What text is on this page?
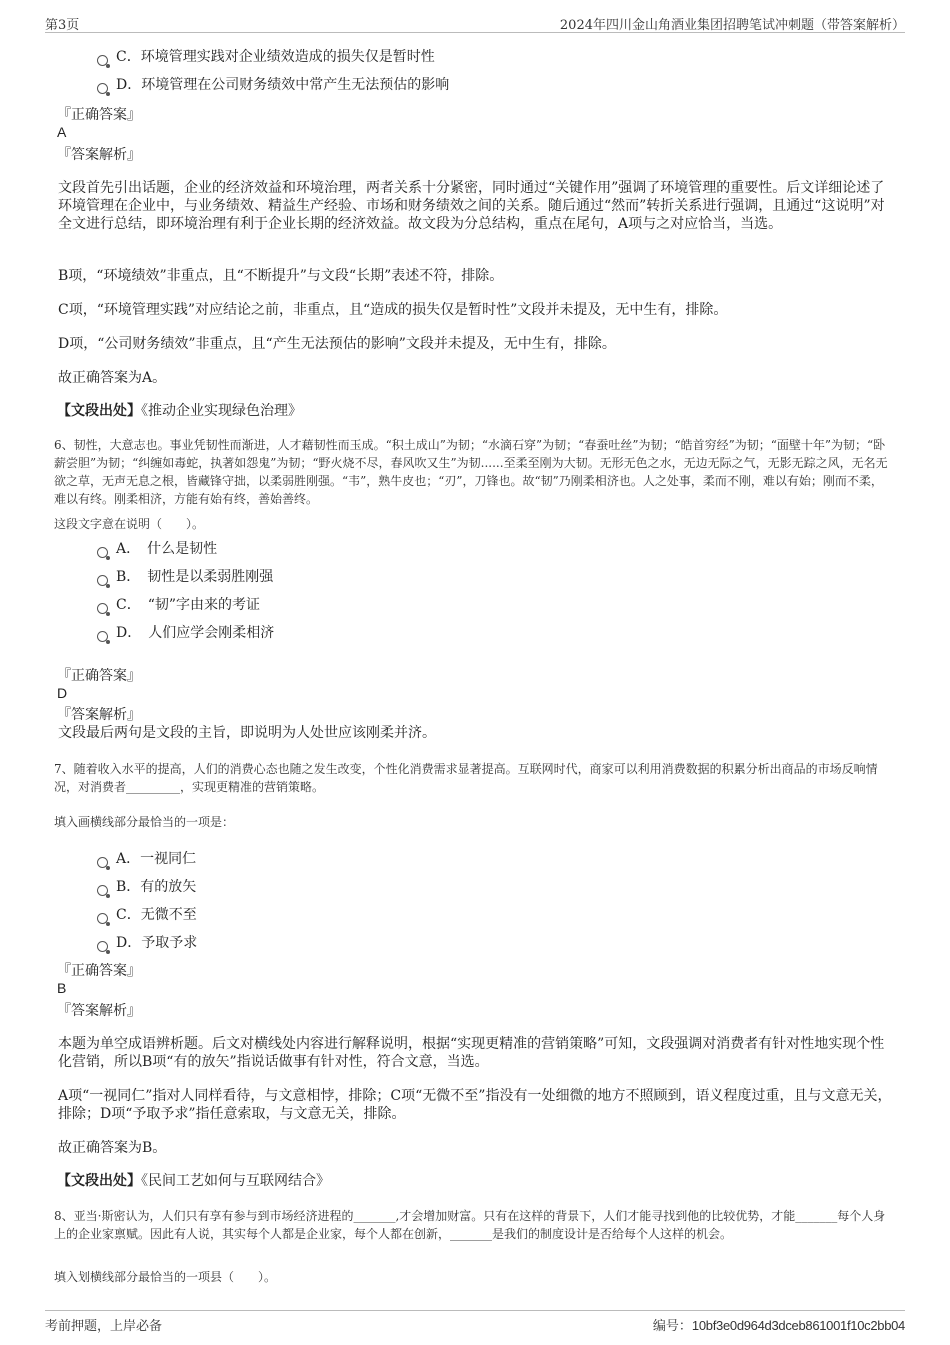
第3页	2024年四川金山角酒业集团招聘笔试冲刺题（带答案解析）
C．环境管理实践对企业绩效造成的损失仅是暂时性
D．环境管理在公司财务绩效中常产生无法预估的影响
『正确答案』
A
『答案解析』
文段首先引出话题，企业的经济效益和环境治理，两者关系十分紧密，同时通过“关键作用”强调了环境管理的重要性。后文详细论述了环境管理在企业中，与业务绩效、精益生产经验、市场和财务绩效之间的关系。随后通过“然而”转折关系进行强调，且通过“这说明”对全文进行总结，即环境治理有利于企业长期的经济效益。故文段为分总结构，重点在尾句，A项与之对应恰当，当选。
B项，“环境绩效”非重点，且“不断提升”与文段“长期”表述不符，排除。
C项，“环境管理实践”对应结论之前，非重点，且“造成的损失仅是暂时性”文段并未提及，无中生有，排除。
D项，“公司财务绩效”非重点，且“产生无法预估的影响”文段并未提及，无中生有，排除。
故正确答案为A。
【文段出处】《推动企业实现绿色治理》
6、韧性，大意志也。事业凭韧性而渐进，人才藉韧性而玉成。“积土成山”为韧；“水滴石穿”为韧；“春蚕吐丝”为韧；“皓首穷经”为韧；“面壁十年”为韧；“卧薪尝胆”为韧；“纠缠如毒蛇，执著如怨鬼”为韧；“野火烧不尽，春风吹又生”为韧......至柔至刚为大韧。无形无色之水，无边无际之气，无影无踪之风，无名无欲之草，无声无息之根，皆藏锋守拙，以柔弱胜刚强。“韦”，熟牛皮也；“刃”，刀锋也。故“韧”乃刚柔相济也。人之处事，柔而不刚，难以有始；刚而不柔，难以有终。刚柔相济，方能有始有终，善始善终。
这段文字意在说明（　　）。
A．　什么是韧性
B．　韧性是以柔弱胜刚强
C．　“韧”字由来的考证
D．　人们应学会刚柔相济
『正确答案』
D
『答案解析』
文段最后两句是文段的主旨，即说明为人处世应该刚柔并济。
7、随着收入水平的提高，人们的消费心态也随之发生改变，个性化消费需求显著提高。互联网时代，商家可以利用消费数据的积累分析出商品的市场反响情况，对消费者_________，实现更精准的营销策略。
填入画横线部分最恰当的一项是：
A．一视同仁
B．有的放矢
C．无微不至
D．予取予求
『正确答案』
B
『答案解析』
本题为单空成语辨析题。后文对横线处内容进行解释说明，根据“实现更精准的营销策略”可知，文段强调对消费者有针对性地实现个性化营销，所以B项“有的放矢”指说话做事有针对性，符合文意，当选。
A项“一视同仁”指对人同样看待，与文意相悖，排除；C项“无微不至”指没有一处细微的地方不照顾到，语义程度过重，且与文意无关，排除；D项“予取予求”指任意索取，与文意无关，排除。
故正确答案为B。
【文段出处】《民间工艺如何与互联网结合》
8、亚当·斯密认为，人们只有享有参与到市场经济进程的_______,才会增加财富。只有在这样的背景下，人们才能寻找到他的比较优势，才能_______每个人身上的企业家禀赋。因此有人说，其实每个人都是企业家，每个人都在创新，_______是我们的制度设计是否给每个人这样的机会。
填入划横线部分最恰当的一项县（　　）。
考前押题，上岸必备	编号：10bf3e0d964d3dceb861001f10c2bb04
